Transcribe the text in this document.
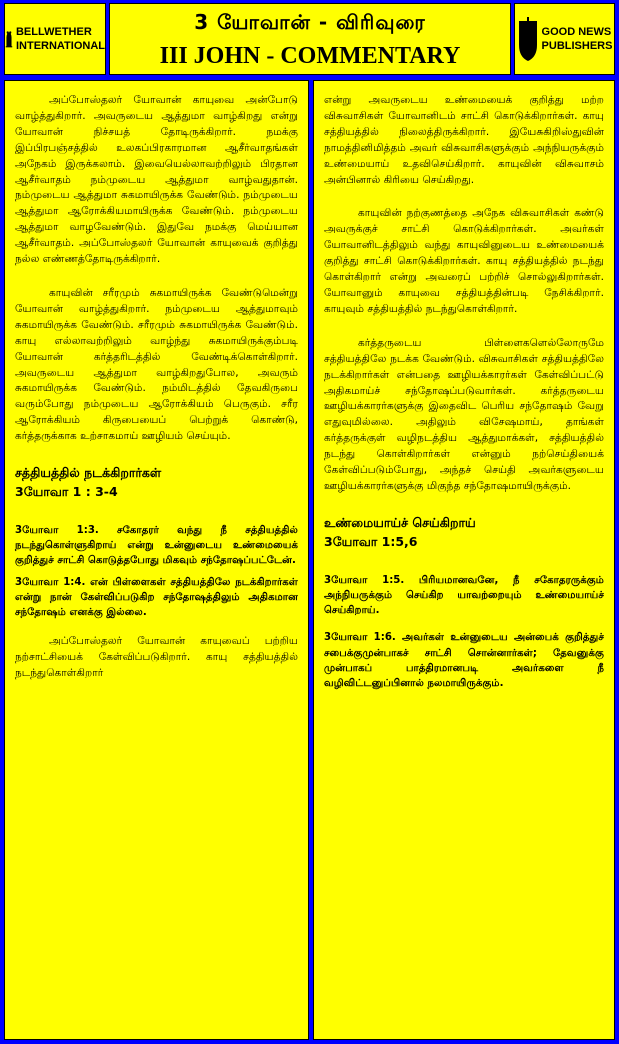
BELLWETHER
INTERNATIONAL
3 யோவான் - விரிவுரை
III JOHN - COMMENTARY
GOOD NEWS
PUBLISHERS

அப்போஸ்தலர் யோவான் காயுவை அன்போடு வாழ்த்துகிறார். அவருடைய ஆத்துமா வாழ்கிறது என்று யோவான் நிச்சயத் தோடிருக்கிறார். நமக்கு இப்பிரபஞ்சத்தில் உலகப்பிரகாரமான ஆசீர்வாதங்கள் அநேகம் இருக்கலாம். இவையெல்லாவற்றிலும் பிரதான ஆசீர்வாதம் நம்முடைய ஆத்துமா வாழ்வதுதான். நம்முடைய ஆத்துமா சுகமாயிருக்க வேண்டும். நம்முடைய ஆத்துமா ஆரோக்கியமாயிருக்க வேண்டும். நம்முடைய ஆத்துமா வாழவேண்டும். இதுவே நமக்கு மெய்யான ஆசீர்வாதம். அப்போஸ்தலர் யோவான் காயுவைக் குறித்து நல்ல எண்ணத்தோடிருக்கிறார்.

காயுவின் சரீரமும் சுகமாயிருக்க வேண்டுமென்று யோவான் வாழ்த்துகிறார். நம்முடைய ஆத்துமாவும் சுகமாயிருக்க வேண்டும். சரீரமும் சுகமாயிருக்க வேண்டும். காயு எல்லாவற்றிலும் வாழ்ந்து சுகமாயிருக்கும்படி யோவான் கர்த்தரிடத்தில் வேண்டிக்கொள்கிறார். அவருடைய ஆத்துமா வாழ்கிறதுபோல, அவரும் சுகமாயிருக்க வேண்டும். நம்மிடத்தில் தேவகிருபை வரும்போது நம்முடைய ஆரோக்கியம் பெருகும். சரீர ஆரோக்கியம் கிருபையைப் பெற்றுக் கொண்டு, கர்த்தருக்காக உற்சாகமாய் ஊழியம் செய்யும்.

சத்தியத்தில் நடக்கிறார்கள்
3யோவா 1 : 3-4

3யோவா 1:3. சகோதரர் வந்து நீ சத்தியத்தில் நடந்துகொள்ளுகிறாய் என்று உன்னுடைய உண்மையைக் குறித்துச் சாட்சி கொடுத்தபோது மிகவும் சந்தோஷப்பட்டேன்.

3யோவா 1:4. என் பிள்ளைகள் சத்தியத்திலே நடக்கிறார்கள் என்று நான் கேள்விப்படுகிற சந்தோஷத்திலும் அதிகமான சந்தோஷம் எனக்கு இல்லை.

அப்போஸ்தலர் யோவான் காயுவைப் பற்றிய நற்சாட்சியைக் கேள்விப்படுகிறார். காயு சத்தியத்தில் நடந்துகொள்கிறார்

என்று அவருடைய உண்மையைக் குறித்து மற்ற விசுவாசிகள் யோவானிடம் சாட்சி கொடுக்கிறார்கள். காயு சத்தியத்தில் நிலைத்திருக்கிறார். இயேசுகிறிஸ்துவின் நாமத்தினிமித்தம் அவர் விசுவாசிகளுக்கும் அந்நியருக்கும் உண்மையாய் உதவிசெய்கிறார். காயுவின் விசுவாசம் அன்பினால் கிரியை செய்கிறது.

காயுவின் நற்குணத்தை அநேக விசுவாசிகள் கண்டு அவருக்குச் சாட்சி கொடுக்கிறார்கள். அவர்கள் யோவானிடத்திலும் வந்து காயுவினுடைய உண்மையைக் குறித்து சாட்சி கொடுக்கிறார்கள். காயு சத்தியத்தில் நடந்து கொள்கிறார் என்று அவரைப் பற்றிச் சொல்லுகிறார்கள். யோவானும் காயுவை சத்தியத்தின்படி நேசிக்கிறார். காயுவும் சத்தியத்தில் நடந்துகொள்கிறார்.

கர்த்தருடைய பிள்ளைகளெல்லோருமே சத்தியத்திலே நடக்க வேண்டும். விசுவாசிகள் சத்தியத்திலே நடக்கிறார்கள் என்பதை ஊழியக்காரர்கள் கேள்விப்பட்டு அதிகமாய்ச் சந்தோஷப்படுவார்கள். கர்த்தருடைய ஊழியக்காரர்களுக்கு இதைவிட பெரிய சந்தோஷம் வேறு எதுவுமில்லை. அதிலும் விசேஷமாய், தாங்கள் கர்த்தருக்குள் வழிநடத்திய ஆத்துமாக்கள், சத்தியத்தில் நடந்து கொள்கிறார்கள் என்னும் நற்செய்தியைக் கேள்விப்படும்போது, அந்தச் செய்தி அவர்களுடைய ஊழியக்காரர்களுக்கு மிகுந்த சந்தோஷமாயிருக்கும்.

உண்மையாய்ச் செய்கிறாய்
3யோவா 1:5,6

3யோவா 1:5. பிரியமானவனே, நீ சகோதரருக்கும் அந்நியருக்கும் செய்கிற யாவற்றையும் உண்மையாய்ச் செய்கிறாய்.

3யோவா 1:6. அவர்கள் உன்னுடைய அன்பைக் குறித்துச் சபைக்குமுன்பாகச் சாட்சி சொன்னார்கள்; தேவனுக்கு முன்பாகப் பாத்திரமானபடி அவர்களை நீ வழிவிட்டனுப்பினால் நலமாயிருக்கும்.
